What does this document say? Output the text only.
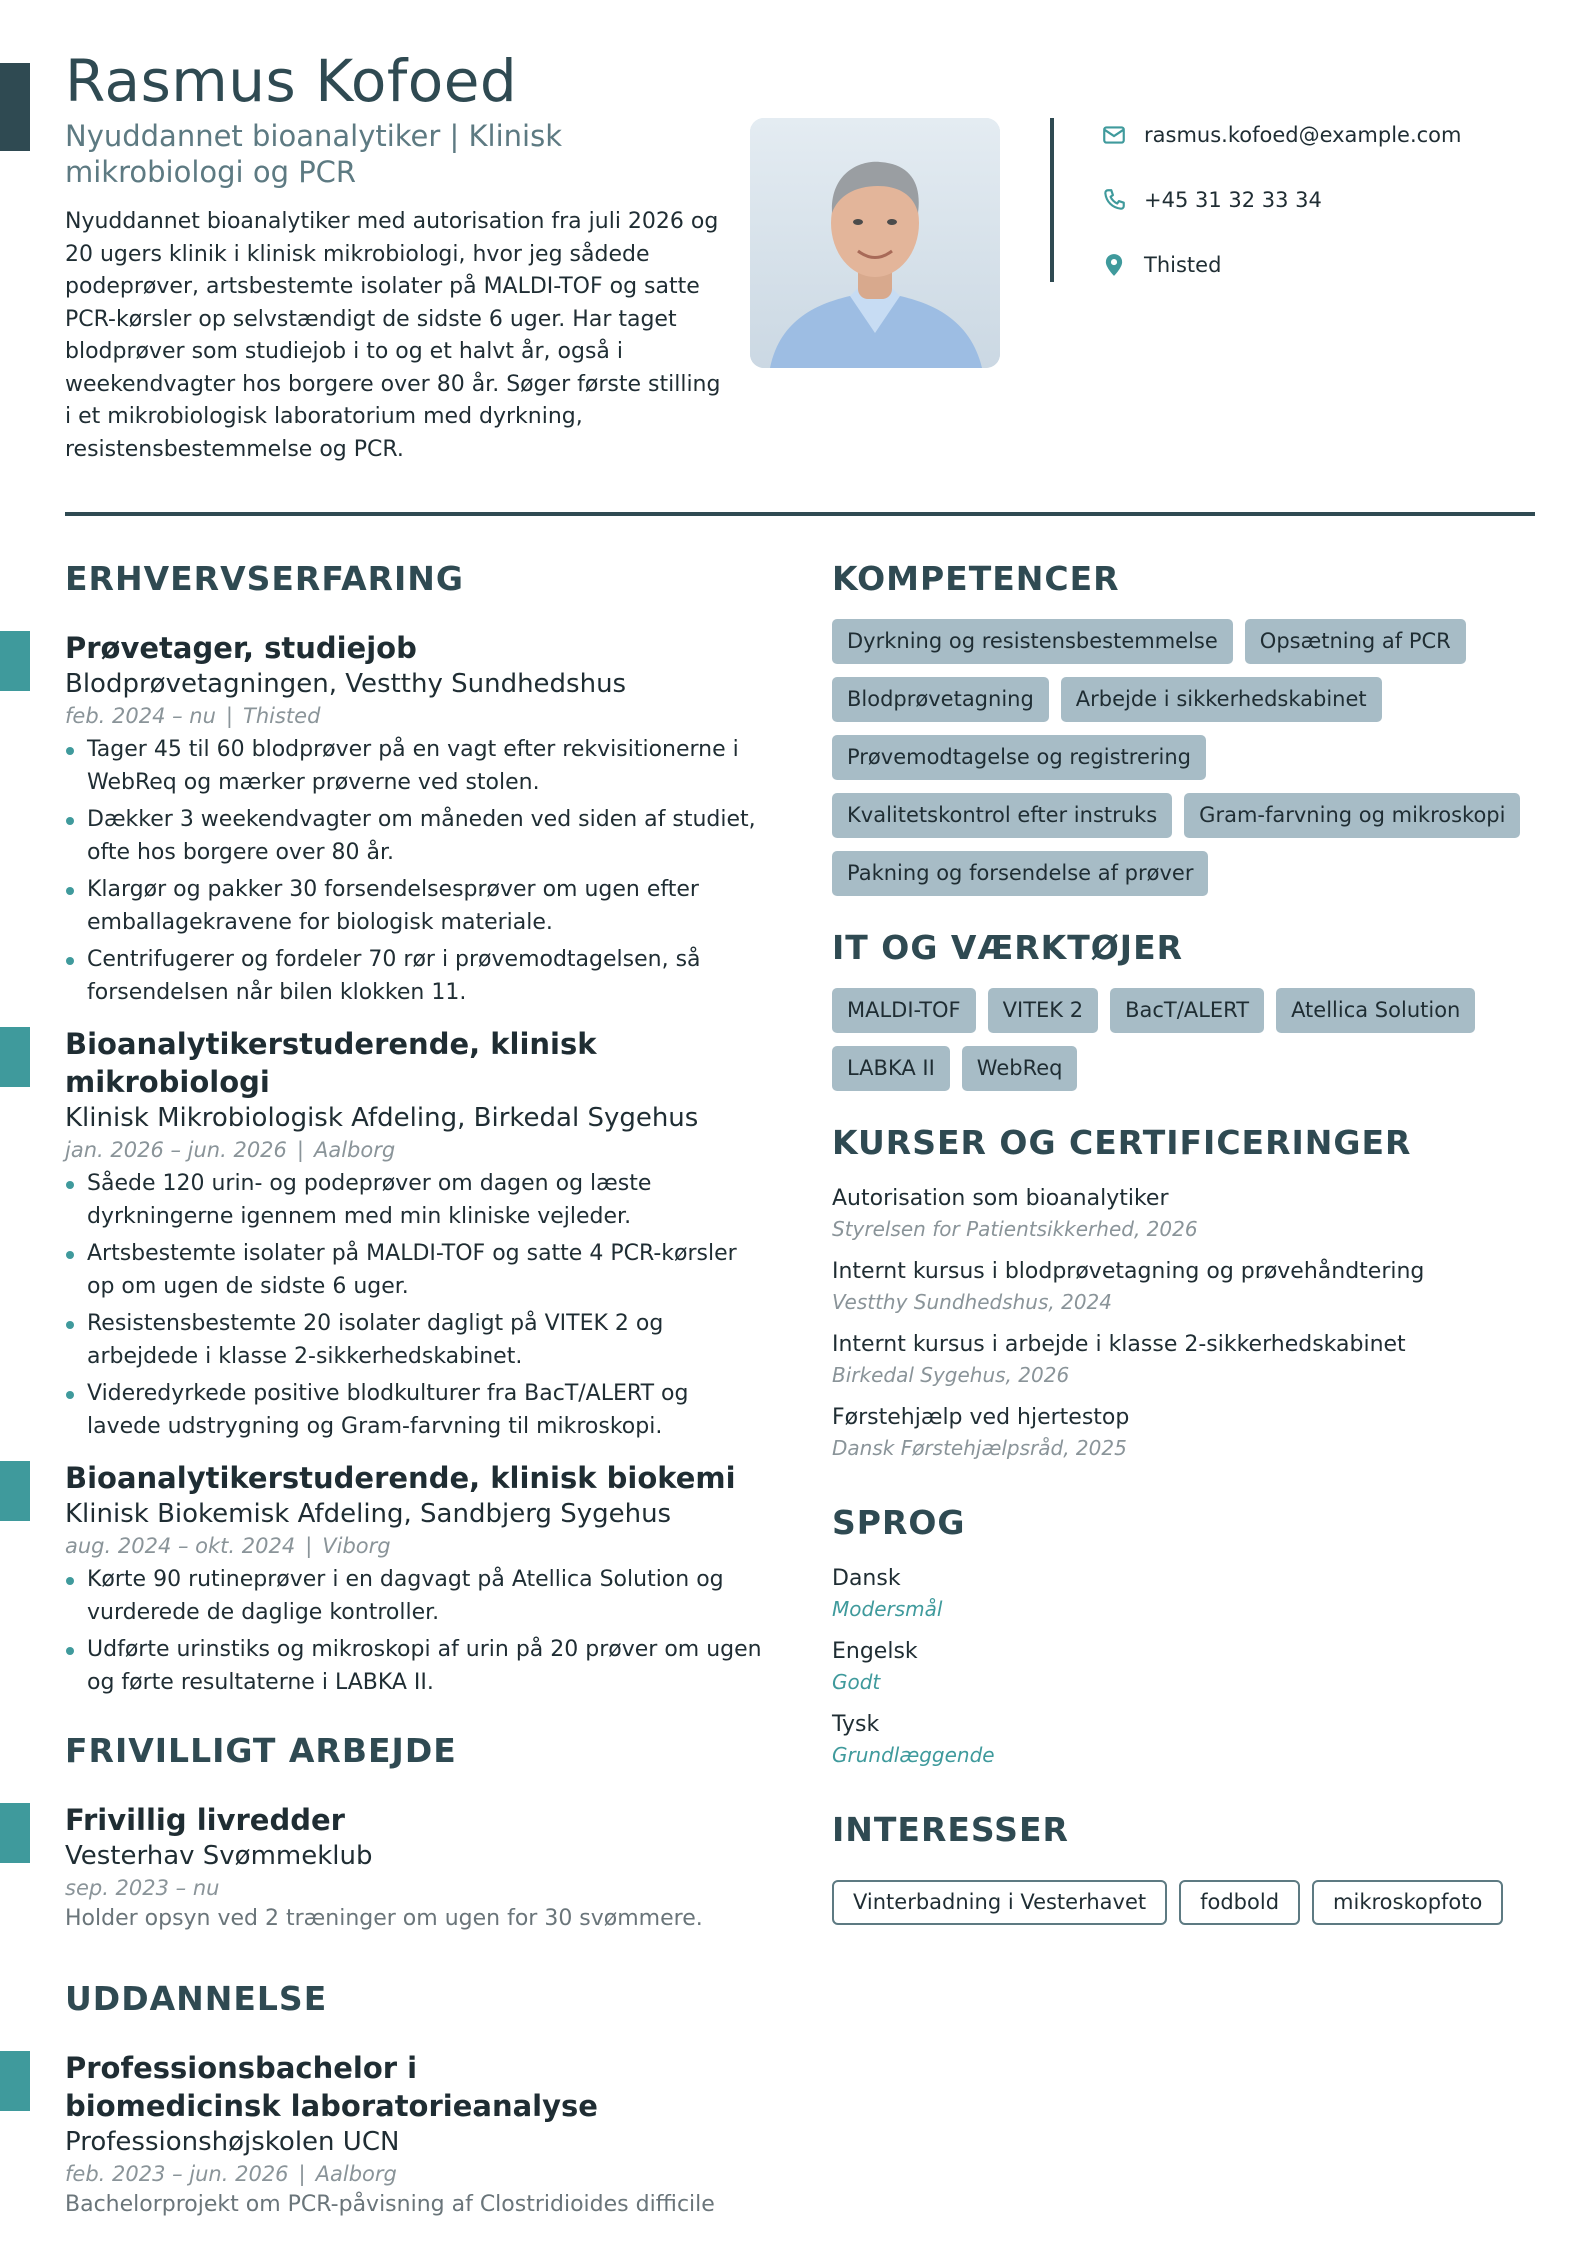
Rasmus Kofoed
Nyuddannet bioanalytiker | Klinisk mikrobiologi og PCR

Nyuddannet bioanalytiker med autorisation fra juli 2026 og 20 ugers klinik i klinisk mikrobiologi, hvor jeg sådede podeprøver, artsbestemte isolater på MALDI-TOF og satte PCR-kørsler op selvstændigt de sidste 6 uger. Har taget blodprøver som studiejob i to og et halvt år, også i weekendvagter hos borgere over 80 år. Søger første stilling i et mikrobiologisk laboratorium med dyrkning, resistensbestemmelse og PCR.

rasmus.kofoed@example.com
+45 31 32 33 34
Thisted
ERHVERVSERFARING
Prøvetager, studiejob
Blodprøvetagningen, Vestthy Sundhedshus
feb. 2024 – nu | Thisted
Tager 45 til 60 blodprøver på en vagt efter rekvisitionerne i WebReq og mærker prøverne ved stolen.
Dækker 3 weekendvagter om måneden ved siden af studiet, ofte hos borgere over 80 år.
Klargør og pakker 30 forsendelsesprøver om ugen efter emballagekravene for biologisk materiale.
Centrifugerer og fordeler 70 rør i prøvemodtagelsen, så forsendelsen når bilen klokken 11.
Bioanalytikerstuderende, klinisk mikrobiologi
Klinisk Mikrobiologisk Afdeling, Birkedal Sygehus
jan. 2026 – jun. 2026 | Aalborg
Såede 120 urin- og podeprøver om dagen og læste dyrkningerne igennem med min kliniske vejleder.
Artsbestemte isolater på MALDI-TOF og satte 4 PCR-kørsler op om ugen de sidste 6 uger.
Resistensbestemte 20 isolater dagligt på VITEK 2 og arbejdede i klasse 2-sikkerhedskabinet.
Videredyrkede positive blodkulturer fra BacT/ALERT og lavede udstrygning og Gram-farvning til mikroskopi.
Bioanalytikerstuderende, klinisk biokemi
Klinisk Biokemisk Afdeling, Sandbjerg Sygehus
aug. 2024 – okt. 2024 | Viborg
Kørte 90 rutineprøver i en dagvagt på Atellica Solution og vurderede de daglige kontroller.
Udførte urinstiks og mikroskopi af urin på 20 prøver om ugen og førte resultaterne i LABKA II.
FRIVILLIGT ARBEJDE
Frivillig livredder
Vesterhav Svømmeklub
sep. 2023 – nu
Holder opsyn ved 2 træninger om ugen for 30 svømmere.
UDDANNELSE
Professionsbachelor i biomedicinsk laboratorieanalyse
Professionshøjskolen UCN
feb. 2023 – jun. 2026 | Aalborg
Bachelorprojekt om PCR-påvisning af Clostridioides difficile
KOMPETENCER
Dyrkning og resistensbestemmelse	Opsætning af PCR
Blodprøvetagning	Arbejde i sikkerhedskabinet
Prøvemodtagelse og registrering
Kvalitetskontrol efter instruks	Gram-farvning og mikroskopi
Pakning og forsendelse af prøver
IT OG VÆRKTØJER
MALDI-TOF	VITEK 2	BacT/ALERT	Atellica Solution
LABKA II	WebReq
KURSER OG CERTIFICERINGER
Autorisation som bioanalytiker
Styrelsen for Patientsikkerhed, 2026
Internt kursus i blodprøvetagning og prøvehåndtering
Vestthy Sundhedshus, 2024
Internt kursus i arbejde i klasse 2-sikkerhedskabinet
Birkedal Sygehus, 2026
Førstehjælp ved hjertestop
Dansk Førstehjælpsråd, 2025
SPROG
Dansk
Modersmål
Engelsk
Godt
Tysk
Grundlæggende
INTERESSER
Vinterbadning i Vesterhavet	fodbold	mikroskopfoto
